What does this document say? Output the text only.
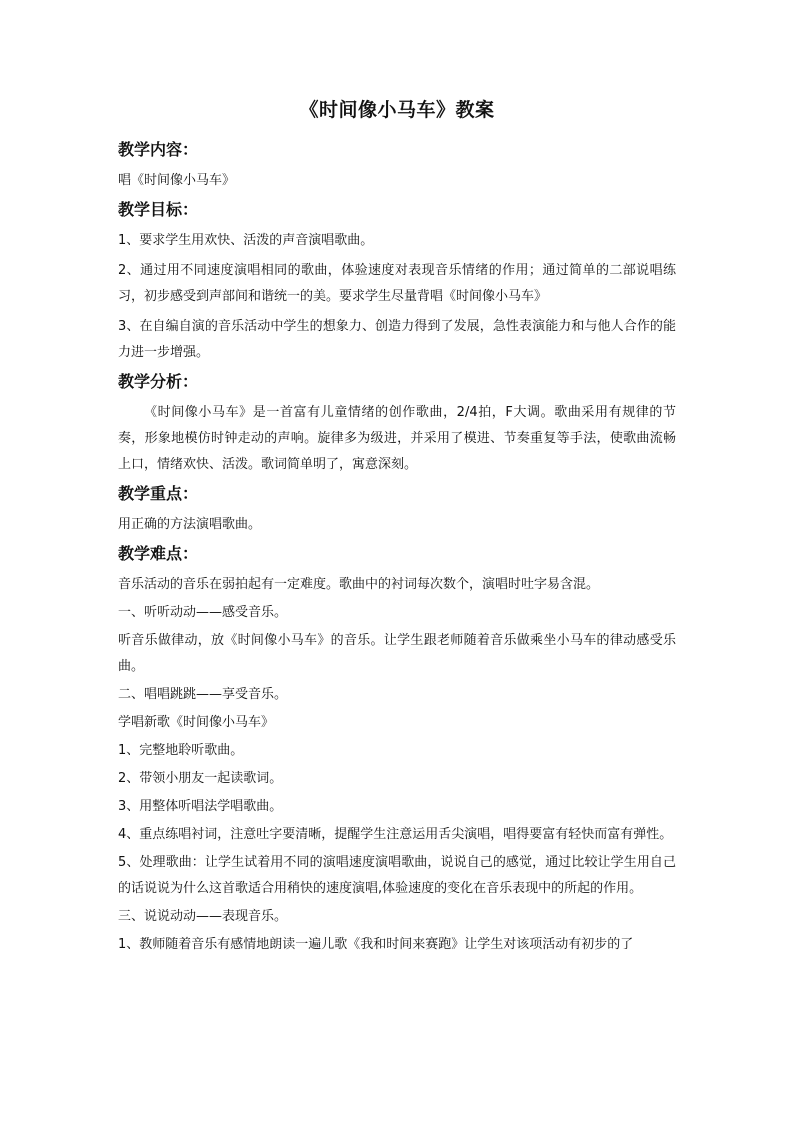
《时间像小马车》教案
教学内容：

唱《时间像小马车》

教学目标：

1、要求学生用欢快、活泼的声音演唱歌曲。

2、通过用不同速度演唱相同的歌曲，体验速度对表现音乐情绪的作用；通过简单的二部说唱练习，初步感受到声部间和谐统一的美。要求学生尽量背唱《时间像小马车》

3、在自编自演的音乐活动中学生的想象力、创造力得到了发展，急性表演能力和与他人合作的能力进一步增强。

教学分析：

《时间像小马车》是一首富有儿童情绪的创作歌曲，2/4拍，F大调。歌曲采用有规律的节奏，形象地模仿时钟走动的声响。旋律多为级进，并采用了模进、节奏重复等手法，使歌曲流畅上口，情绪欢快、活泼。歌词简单明了，寓意深刻。

教学重点：

用正确的方法演唱歌曲。

教学难点：

音乐活动的音乐在弱拍起有一定难度。歌曲中的衬词每次数个，演唱时吐字易含混。

一、听听动动——感受音乐。

听音乐做律动，放《时间像小马车》的音乐。让学生跟老师随着音乐做乘坐小马车的律动感受乐曲。

二、唱唱跳跳——享受音乐。

学唱新歌《时间像小马车》

1、完整地聆听歌曲。

2、带领小朋友一起读歌词。

3、用整体听唱法学唱歌曲。

4、重点练唱衬词，注意吐字要清晰，提醒学生注意运用舌尖演唱，唱得要富有轻快而富有弹性。

5、处理歌曲：让学生试着用不同的演唱速度演唱歌曲，说说自己的感觉，通过比较让学生用自己的话说说为什么这首歌适合用稍快的速度演唱,体验速度的变化在音乐表现中的所起的作用。

三、说说动动——表现音乐。

1、教师随着音乐有感情地朗读一遍儿歌《我和时间来赛跑》让学生对该项活动有初步的了
